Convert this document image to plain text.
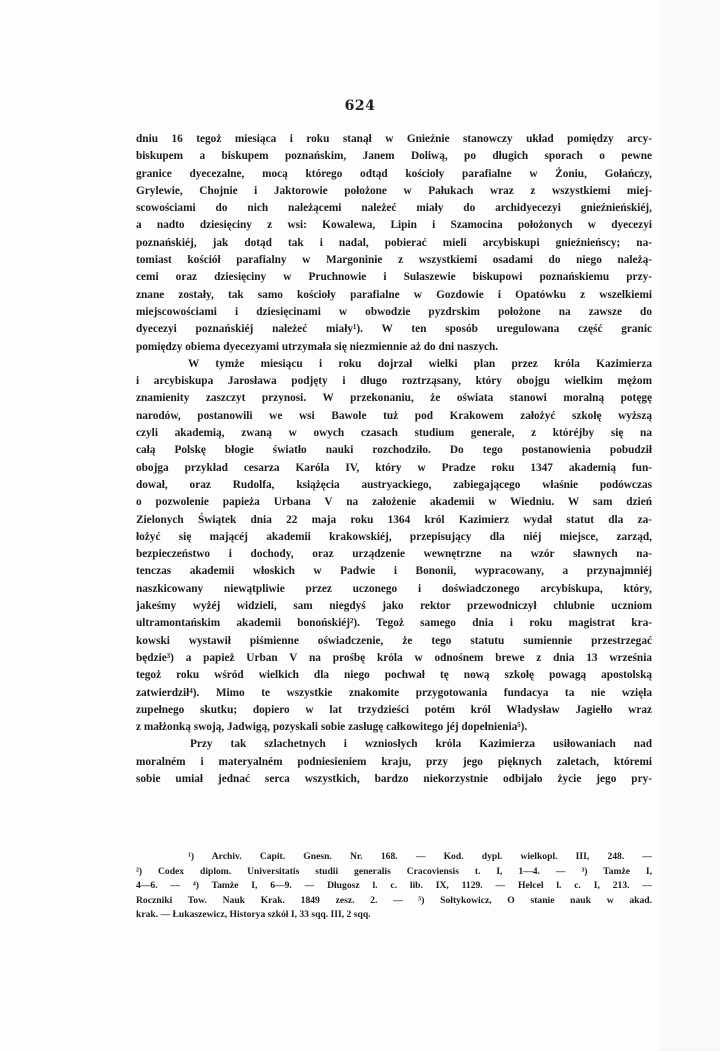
624
dniu 16 tegoż miesiąca i roku stanął w Gnieźnie stanowczy układ pomiędzy arcy-
biskupem a biskupem poznańskim, Janem Doliwą, po długich sporach o pewne
granice dyecezalne, mocą którego odtąd kościoły parafialne w Żoniu, Gołańczy,
Grylewie, Chojnie i Jaktorowie położone w Pałukach wraz z wszystkiemi miej-
scowościami do nich należącemi należeć miały do archidyecezyi gnieźnieńskiéj,
a nadto dziesięciny z wsi: Kowalewa, Lipin i Szamocina położonych w dyecezyi
poznańskiéj, jak dotąd tak i nadal, pobierać mieli arcybiskupi gnieźnieńscy; na-
tomiast kościół parafialny w Margoninie z wszystkiemi osadami do niego należą-
cemi oraz dziesięciny w Pruchnowie i Sulaszewie biskupowi poznańskiemu przy-
znane zostały, tak samo kościoły parafialne w Gozdowie i Opatówku z wszelkiemi
miejscowościami i dziesięcinami w obwodzie pyzdrskim położone na zawsze do
dyecezyi poznańskiéj należeć miały¹). W ten sposób uregulowana część granic
pomiędzy obiema dyecezyami utrzymała się niezmiennie aż do dni naszych.
W tymże miesiącu i roku dojrzał wielki plan przez króla Kazimierza
i arcybiskupa Jarosława podjęty i długo roztrząsany, który obojgu wielkim mężom
znamienity zaszczyt przynosi. W przekonaniu, że oświata stanowi moralną potęgę
narodów, postanowili we wsi Bawole tuż pod Krakowem założyć szkołę wyższą
czyli akademią, zwaną w owych czasach studium generale, z któréjby się na
całą Polskę błogie światło nauki rozchodziło. Do tego postanowienia pobudził
obojga przykład cesarza Karóla IV, który w Pradze roku 1347 akademią fun-
dował, oraz Rudolfa, książęcia austryackiego, zabiegającego właśnie podówczas
o pozwolenie papieża Urbana V na założenie akademii w Wiedniu. W sam dzień
Zielonych Świątek dnia 22 maja roku 1364 król Kazimierz wydał statut dla za-
łożyć się mającéj akademii krakowskiéj, przepisujący dla niéj miejsce, zarząd,
bezpieczeństwo i dochody, oraz urządzenie wewnętrzne na wzór sławnych na-
tenczas akademii włoskich w Padwie i Bononii, wypracowany, a przynajmniéj
naszkicowany niewątpliwie przez uczonego i doświadczonego arcybiskupa, który,
jakeśmy wyżéj widzieli, sam niegdyś jako rektor przewodniczył chlubnie uczniom
ultramontańskim akademii bonońskiéj²). Tegoż samego dnia i roku magistrat kra-
kowski wystawił piśmienne oświadczenie, że tego statutu sumiennie przestrzegać
będzie³) a papież Urban V na prośbę króla w odnośnem brewe z dnia 13 września
tegoż roku wśród wielkich dla niego pochwał tę nową szkołę powagą apostolską
zatwierdził⁴). Mimo te wszystkie znakomite przygotowania fundacya ta nie wzięła
zupełnego skutku; dopiero w lat trzydzieści potém król Władysław Jagiełło wraz
z małżonką swoją, Jadwigą, pozyskali sobie zasługę całkowitego jéj dopełnienia⁵).
Przy tak szlachetnych i wzniosłych króla Kazimierza usiłowaniach nad
moralném i materyalném podniesieniem kraju, przy jego pięknych zaletach, któremi
sobie umiał jednać serca wszystkich, bardzo niekorzystnie odbijało życie jego pry-
¹) Archiv. Capit. Gnesn. Nr. 168. — Kod. dypl. wielkopl. III, 248. —
²) Codex diplom. Universitatis studii generalis Cracoviensis t. I, 1—4. — ³) Tamże I,
4—6. — ⁴) Tamże I, 6—9. — Długosz l. c. lib. IX, 1129. — Helcel l. c. I, 213. —
Roczniki Tow. Nauk Krak. 1849 zesz. 2. — ⁵) Sołtykowicz, O stanie nauk w akad.
krak. — Łukaszewicz, Historya szkół I, 33 sqq. III, 2 sqq.
